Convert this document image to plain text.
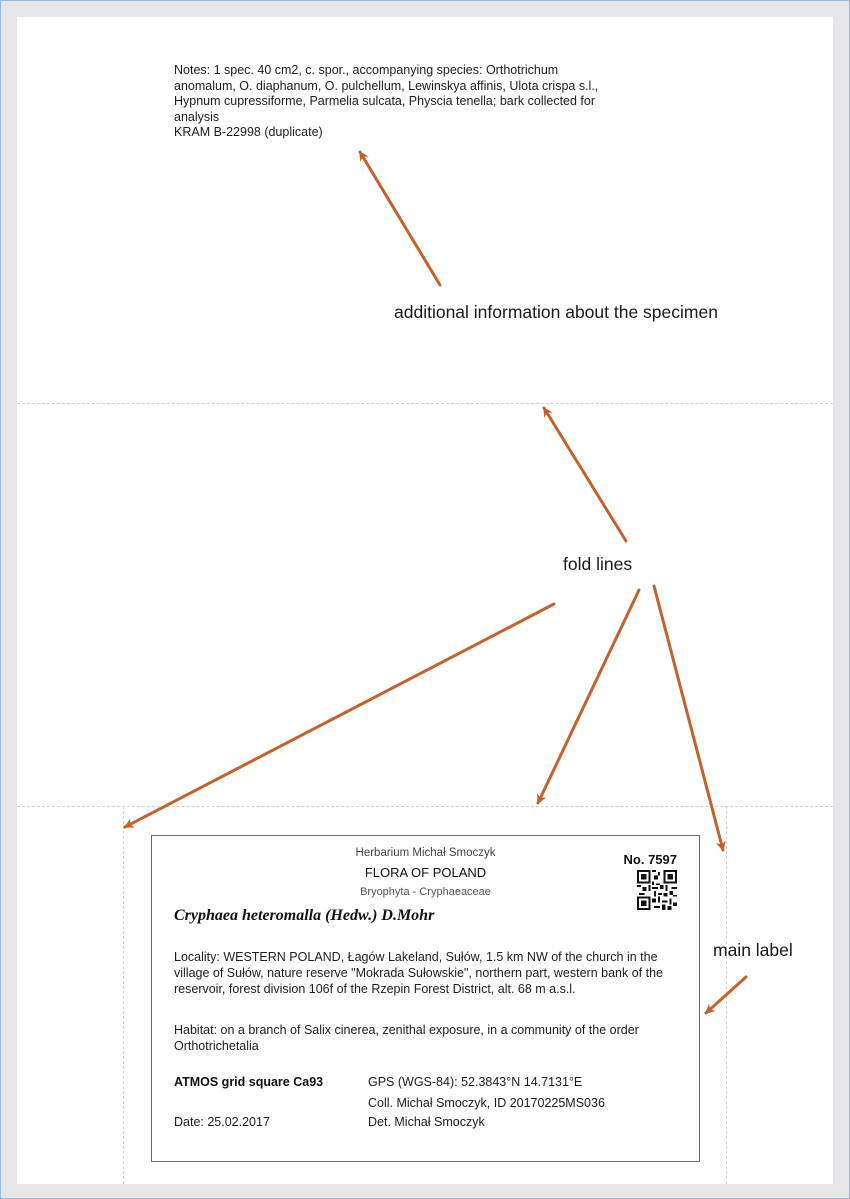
Notes: 1 spec. 40 cm2, c. spor., accompanying species: Orthotrichum
anomalum, O. diaphanum, O. pulchellum, Lewinskya affinis, Ulota crispa s.l.,
Hypnum cupressiforme, Parmelia sulcata, Physcia tenella; bark collected for
analysis
KRAM B-22998 (duplicate)
additional information about the specimen
fold lines
main label
Herbarium Michał Smoczyk
FLORA OF POLAND
Bryophyta - Cryphaeaceae
No. 7597
Cryphaea heteromalla (Hedw.) D.Mohr
Locality: WESTERN POLAND, Łagów Lakeland, Sułów, 1.5 km NW of the church in the village of Sułów, nature reserve "Mokrada Sułowskie", northern part, western bank of the reservoir, forest division 106f of the Rzepin Forest District, alt. 68 m a.s.l.
Habitat: on a branch of Salix cinerea, zenithal exposure, in a community of the order Orthotrichetalia
ATMOS grid square Ca93	GPS (WGS-84): 52.3843°N 14.7131°E
Coll. Michał Smoczyk, ID 20170225MS036
Date: 25.02.2017	Det. Michał Smoczyk
